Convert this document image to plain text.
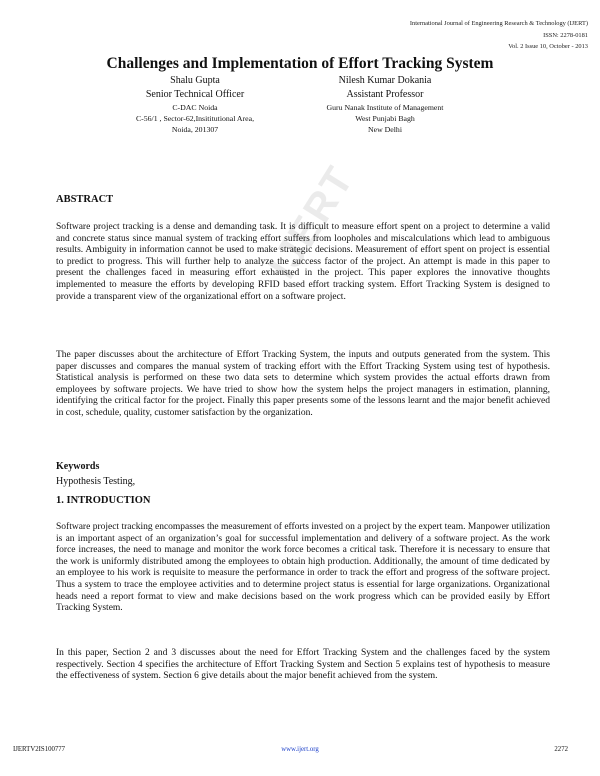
International Journal of Engineering Research & Technology (IJERT)
ISSN: 2278-0181
Vol. 2 Issue 10, October - 2013
Challenges and Implementation of Effort Tracking System
Shalu Gupta
Senior Technical Officer
C-DAC Noida
C-56/1 , Sector-62,Insititutional Area,
Noida, 201307
Nilesh Kumar Dokania
Assistant Professor
Guru Nanak Institute of Management
West Punjabi Bagh
New Delhi
IJERT
ABSTRACT

Software project tracking is a dense and demanding task. It is difficult to measure effort spent on a project to determine a valid and concrete status since manual system of tracking effort suffers from loopholes and miscalculations which lead to ambiguous results. Ambiguity in information cannot be used to make strategic decisions. Measurement of effort spent on project is essential to predict to progress. This will further help to analyze the success factor of the project. An attempt is made in this paper to present the challenges faced in measuring effort exhausted in the project. This paper explores the innovative thoughts implemented to measure the efforts by developing RFID based effort tracking system. Effort Tracking System is designed to provide a transparent view of the organizational effort on a software project.

The paper discusses about the architecture of Effort Tracking System, the inputs and outputs generated from the system. This paper discusses and compares the manual system of tracking effort with the Effort Tracking System using test of hypothesis. Statistical analysis is performed on these two data sets to determine which system provides the actual efforts drawn from employees by software projects. We have tried to show how the system helps the project managers in estimation, planning, identifying the critical factor for the project. Finally this paper presents some of the lessons learnt and the major benefit achieved in cost, schedule, quality, customer satisfaction by the organization.

Keywords
Hypothesis Testing,
1. INTRODUCTION

Software project tracking encompasses the measurement of efforts invested on a project by the expert team. Manpower utilization is an important aspect of an organization’s goal for successful implementation and delivery of a software project. As the work force increases, the need to manage and monitor the work force becomes a critical task. Therefore it is necessary to ensure that the work is uniformly distributed among the employees to obtain high production. Additionally, the amount of time dedicated by an employee to his work is requisite to measure the performance in order to track the effort and progress of the software project. Thus a system to trace the employee activities and to determine project status is essential for large organizations. Organizational heads need a report format to view and make decisions based on the work progress which can be provided easily by Effort Tracking System.

In this paper, Section 2 and 3 discusses about the need for Effort Tracking System and the challenges faced by the system respectively. Section 4 specifies the architecture of Effort Tracking System and Section 5 explains test of hypothesis to measure the effectiveness of system. Section 6 give details about the major benefit achieved from the system.

IJERTV2IS100777	www.ijert.org	2272
